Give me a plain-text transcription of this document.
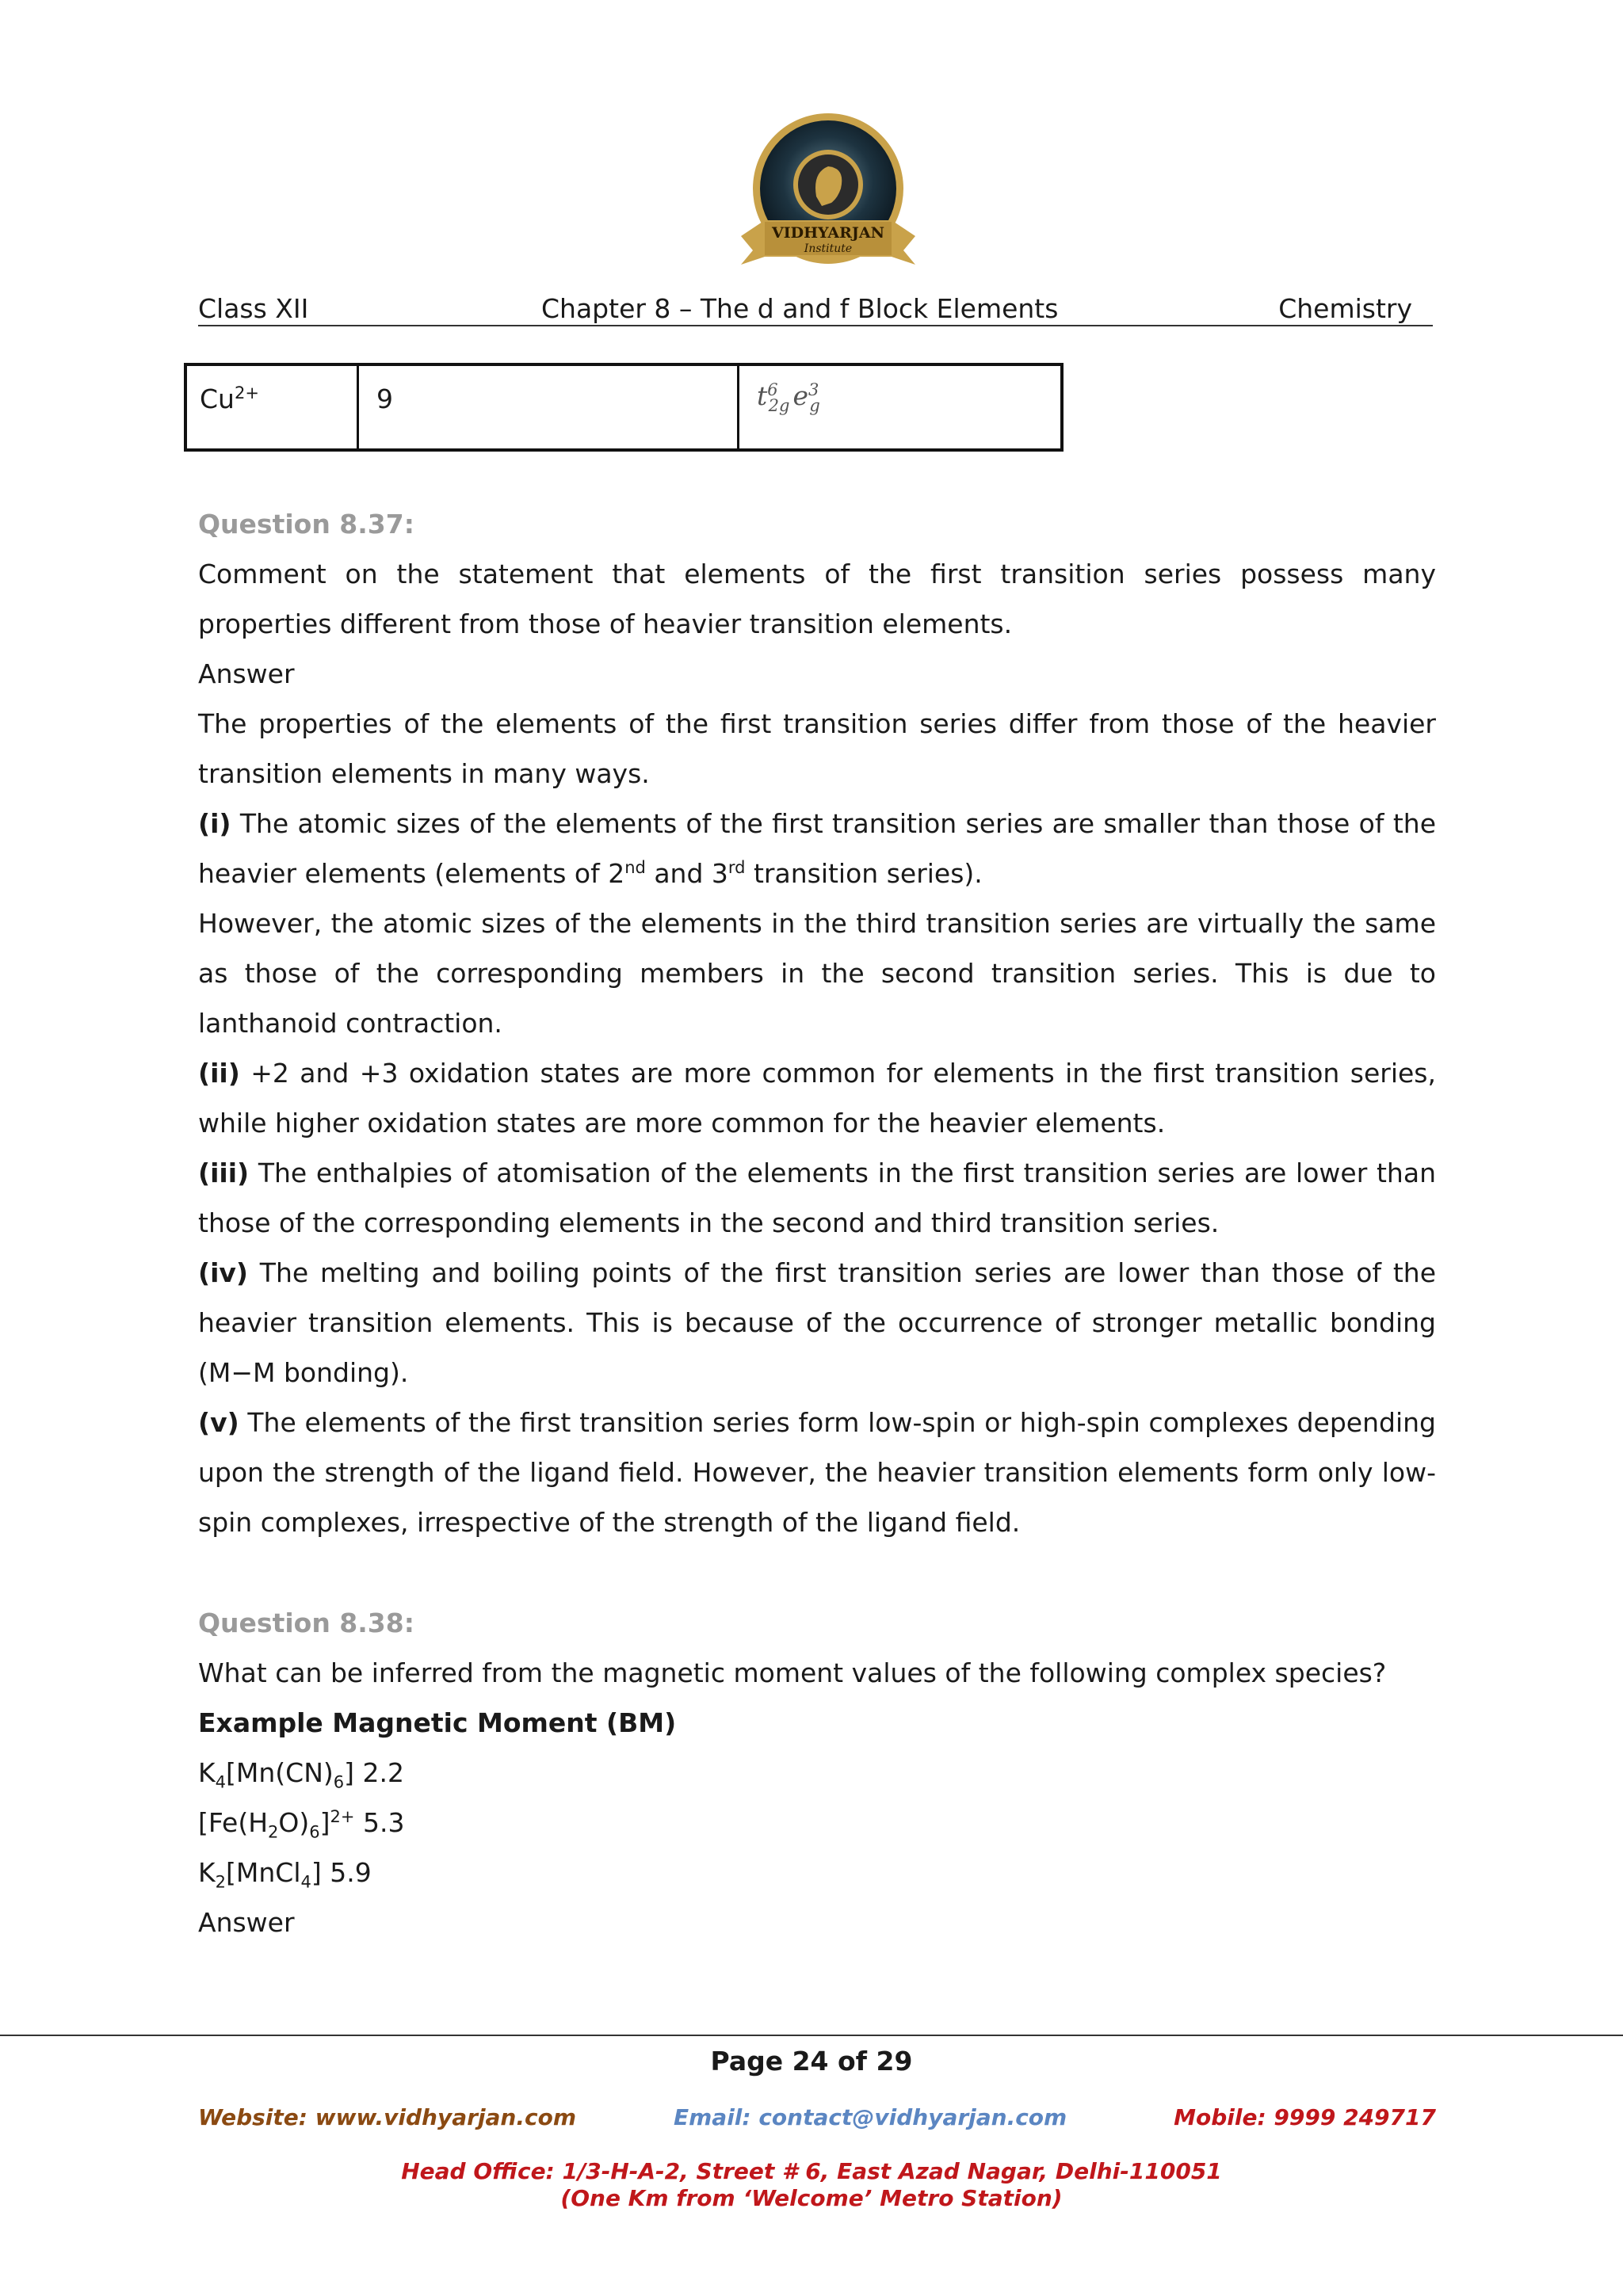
VIDHYARJAN
Institute
Class XII	Chapter 8 – The d and f Block Elements	Chemistry
$Cu^{2+}$	9	$t^6_{2g}$ $e^3_g$

Question 8.37:

Comment on the statement that elements of the first transition series possess many properties different from those of heavier transition elements.

Answer

The properties of the elements of the first transition series differ from those of the heavier transition elements in many ways.

(i) The atomic sizes of the elements of the first transition series are smaller than those of the heavier elements (elements of 2nd and 3rd transition series).

However, the atomic sizes of the elements in the third transition series are virtually the same as those of the corresponding members in the second transition series. This is due to lanthanoid contraction.

(ii) +2 and +3 oxidation states are more common for elements in the first transition series, while higher oxidation states are more common for the heavier elements.

(iii) The enthalpies of atomisation of the elements in the first transition series are lower than those of the corresponding elements in the second and third transition series.

(iv) The melting and boiling points of the first transition series are lower than those of the heavier transition elements. This is because of the occurrence of stronger metallic bonding (M−M bonding).

(v) The elements of the first transition series form low-spin or high-spin complexes depending upon the strength of the ligand field. However, the heavier transition elements form only low-spin complexes, irrespective of the strength of the ligand field.

Question 8.38:

What can be inferred from the magnetic moment values of the following complex species?

Example Magnetic Moment (BM)

$K_4[Mn(CN)_6]$ 2.2

$[Fe(H_2O)_6]^{2+}$ 5.3

$K_2[MnCl_4]$ 5.9

Answer

Page 24 of 29
Website: www.vidhyarjan.com	Email: contact@vidhyarjan.com	Mobile: 9999 249717
Head Office: 1/3-H-A-2, Street # 6, East Azad Nagar, Delhi-110051
(One Km from ‘Welcome’ Metro Station)
